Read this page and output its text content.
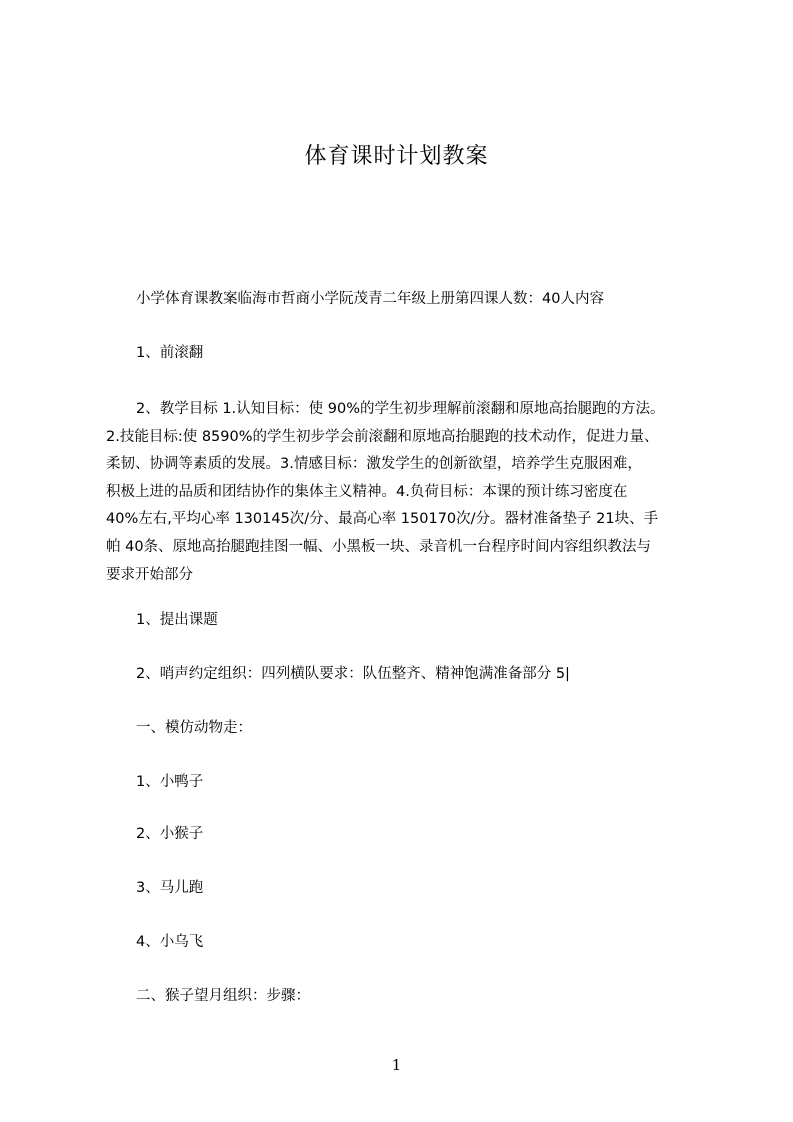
体育课时计划教案

小学体育课教案临海市哲商小学阮茂青二年级上册第四课人数：40人内容

1、前滚翻

2、教学目标 1.认知目标：使 90%的学生初步理解前滚翻和原地高抬腿跑的方法。
2.技能目标:使 8590%的学生初步学会前滚翻和原地高抬腿跑的技术动作，促进力量、
柔韧、协调等素质的发展。3.情感目标：激发学生的创新欲望，培养学生克服困难，
积极上进的品质和团结协作的集体主义精神。4.负荷目标：本课的预计练习密度在
40%左右,平均心率 130145次/分、最高心率 150170次/分。器材准备垫子 21块、手
帕 40条、原地高抬腿跑挂图一幅、小黑板一块、录音机一台程序时间内容组织教法与
要求开始部分

1、提出课题

2、哨声约定组织：四列横队要求：队伍整齐、精神饱满准备部分 5|

一、模仿动物走：

1、小鸭子

2、小猴子

3、马儿跑

4、小乌飞

二、猴子望月组织：步骤：

1
